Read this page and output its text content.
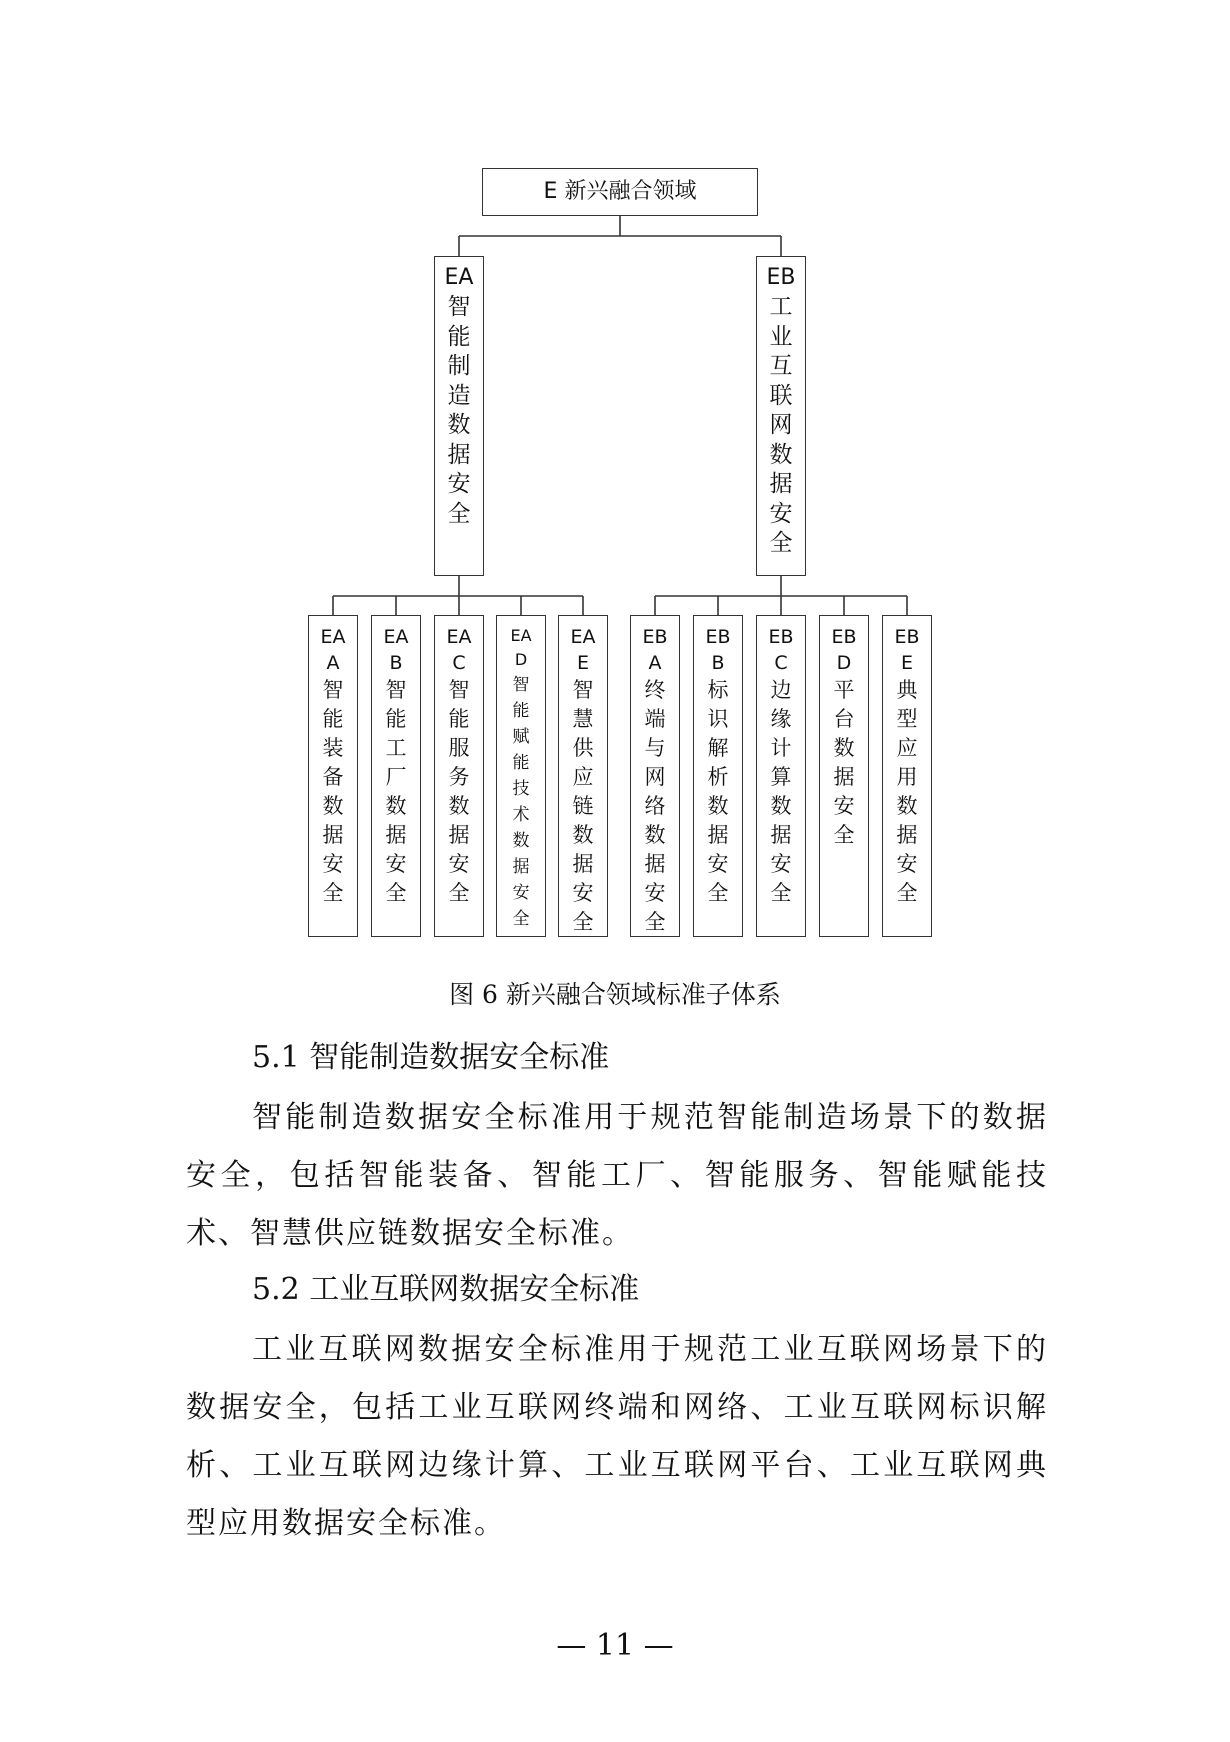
E 新兴融合领域
EA
智
能
制
造
数
据
安
全
EB
工
业
互
联
网
数
据
安
全
EA
A
智
能
装
备
数
据
安
全
EA
B
智
能
工
厂
数
据
安
全
EA
C
智
能
服
务
数
据
安
全
EA
D
智
能
赋
能
技
术
数
据
安
全
EA
E
智
慧
供
应
链
数
据
安
全
EB
A
终
端
与
网
络
数
据
安
全
EB
B
标
识
解
析
数
据
安
全
EB
C
边
缘
计
算
数
据
安
全
EB
D
平
台
数
据
安
全
EB
E
典
型
应
用
数
据
安
全
图 6 新兴融合领域标准子体系
5.1 智能制造数据安全标准

智能制造数据安全标准用于规范智能制造场景下的数据安全，包括智能装备、智能工厂、智能服务、智能赋能技术、智慧供应链数据安全标准。

5.2 工业互联网数据安全标准

工业互联网数据安全标准用于规范工业互联网场景下的数据安全，包括工业互联网终端和网络、工业互联网标识解析、工业互联网边缘计算、工业互联网平台、工业互联网典型应用数据安全标准。

— 11 —
